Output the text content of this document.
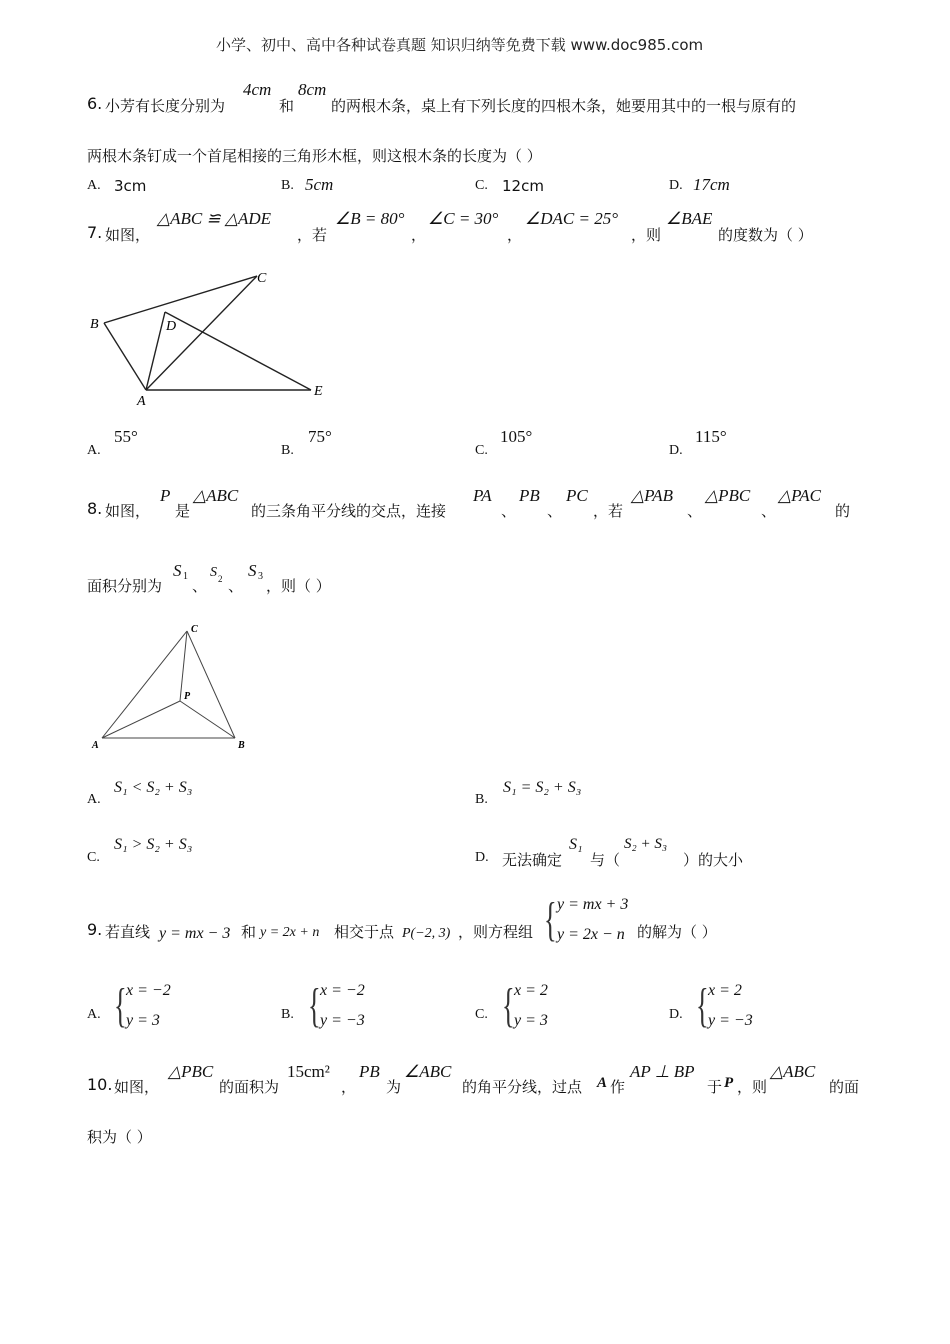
小学、初中、高中各种试卷真题 知识归纳等免费下载 www.doc985.com
6. 小芳有长度分别为
4cm
和
8cm
的两根木条，桌上有下列长度的四根木条，她要用其中的一根与原有的
两根木条钉成一个首尾相接的三角形木框，则这根木条的长度为（ ）
A. 3cm	B. 5cm	C. 12cm	D. 17cm
7. 如图，
△ABC ≌ △ADE
，若
∠B = 80°
，
∠C = 30°
，
∠DAC = 25°
，则
∠BAE
的度数为（ ）
B
C
D
A
E
A.
55°
B.
75°
C.
105°
D.
115°
8. 如图，
P
是
△ABC
的三条角平分线的交点，连接
PA
、
PB
、
PC
，若
△PAB
、
△PBC
、
△PAC
的
面积分别为
S 1
、
S 2 、
S 3
，则（ ）
C
P
A	B
A.
S₁ < S₂ + S₃
B.
S₁ = S₂ + S₃
C.
S₁ > S₂ + S₃
D. 无法确定
S₁
与（
S₂ + S₃
）的大小
9. 若直线 y = mx − 3 和 y = 2x + n 相交于点 P(−2, 3) ，则方程组 { y = mx + 3
y = 2x − n 的解为（ ）
A. { x = −2
y = 3	B. { x = −2
y = −3	C. { x = 2
y = 3	D. { x = 2
y = −3
10. 如图，
△PBC
的面积为
15cm²
，
PB
为
∠ABC
的角平分线，过点 A 作
AP ⊥ BP
于 P ，则
△ABC
的面
积为（ ）
